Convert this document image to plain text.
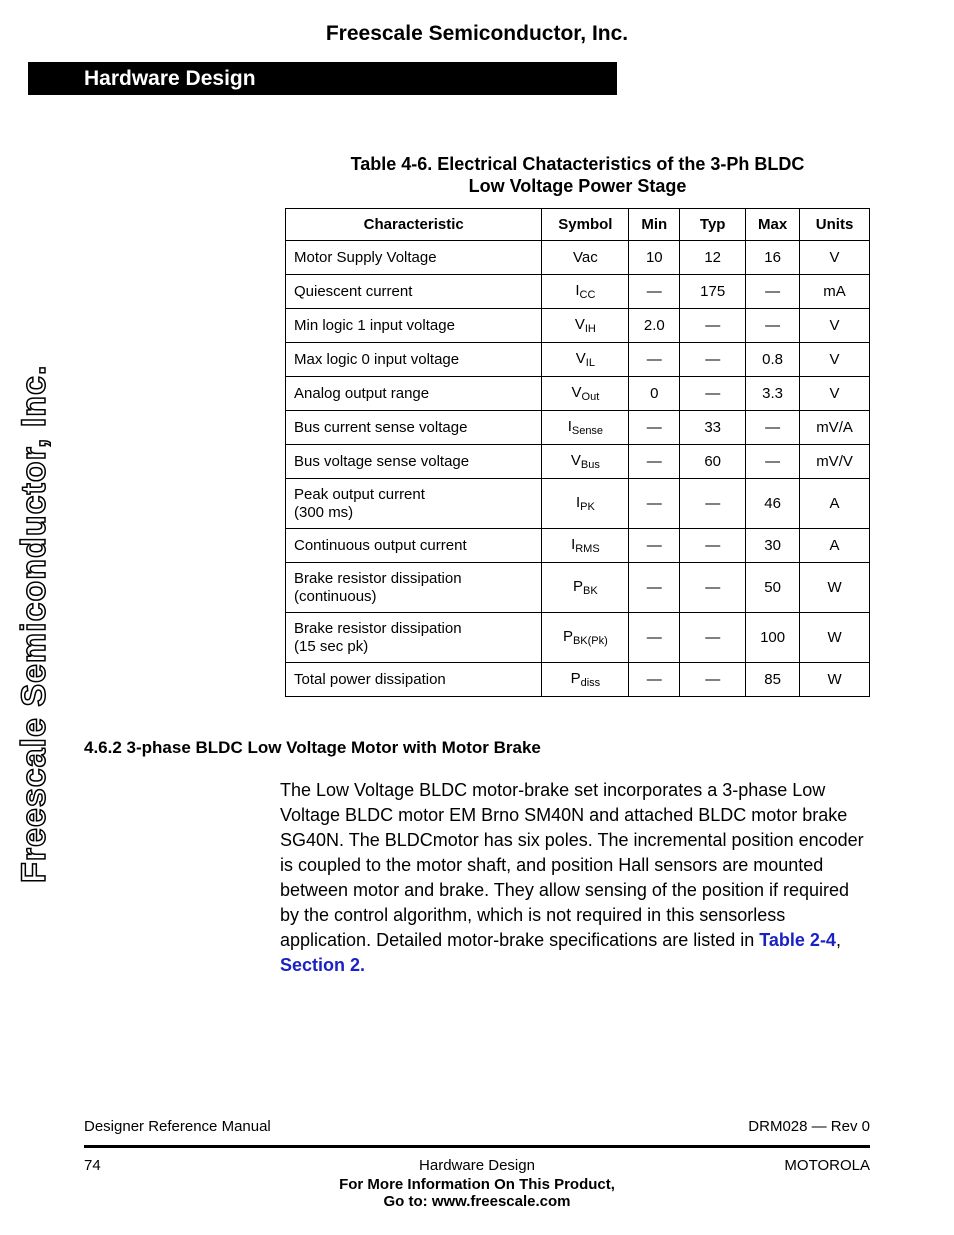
Freescale Semiconductor, Inc.
Hardware Design
Freescale Semiconductor, Inc.
Table 4-6. Electrical Chatacteristics of the 3-Ph BLDC
Low Voltage Power Stage
Characteristic	Symbol	Min	Typ	Max	Units
Motor Supply Voltage	Vac	10	12	16	V
Quiescent current	$I_{CC}$	—	175	—	mA
Min logic 1 input voltage	$V_{IH}$	2.0	—	—	V
Max logic 0 input voltage	$V_{IL}$	—	—	0.8	V
Analog output range	$V_{Out}$	0	—	3.3	V
Bus current sense voltage	$I_{Sense}$	—	33	—	mV/A
Bus voltage sense voltage	$V_{Bus}$	—	60	—	mV/V
Peak output current
(300 ms)	$I_{PK}$	—	—	46	A
Continuous output current	$I_{RMS}$	—	—	30	A
Brake resistor dissipation
(continuous)	$P_{BK}$	—	—	50	W
Brake resistor dissipation
(15 sec pk)	$P_{BK(Pk)}$	—	—	100	W
Total power dissipation	$P_{diss}$	—	—	85	W
4.6.2 3-phase BLDC Low Voltage Motor with Motor Brake

The Low Voltage BLDC motor-brake set incorporates a 3-phase Low Voltage BLDC motor EM Brno SM40N and attached BLDC motor brake SG40N. The BLDCmotor has six poles. The incremental position encoder is coupled to the motor shaft, and position Hall sensors are mounted between motor and brake. They allow sensing of the position if required by the control algorithm, which is not required in this sensorless application. Detailed motor-brake specifications are listed in Table 2-4,
Section 2.

Designer Reference Manual	DRM028 — Rev 0
74	Hardware Design	MOTOROLA
For More Information On This Product,
Go to: www.freescale.com
